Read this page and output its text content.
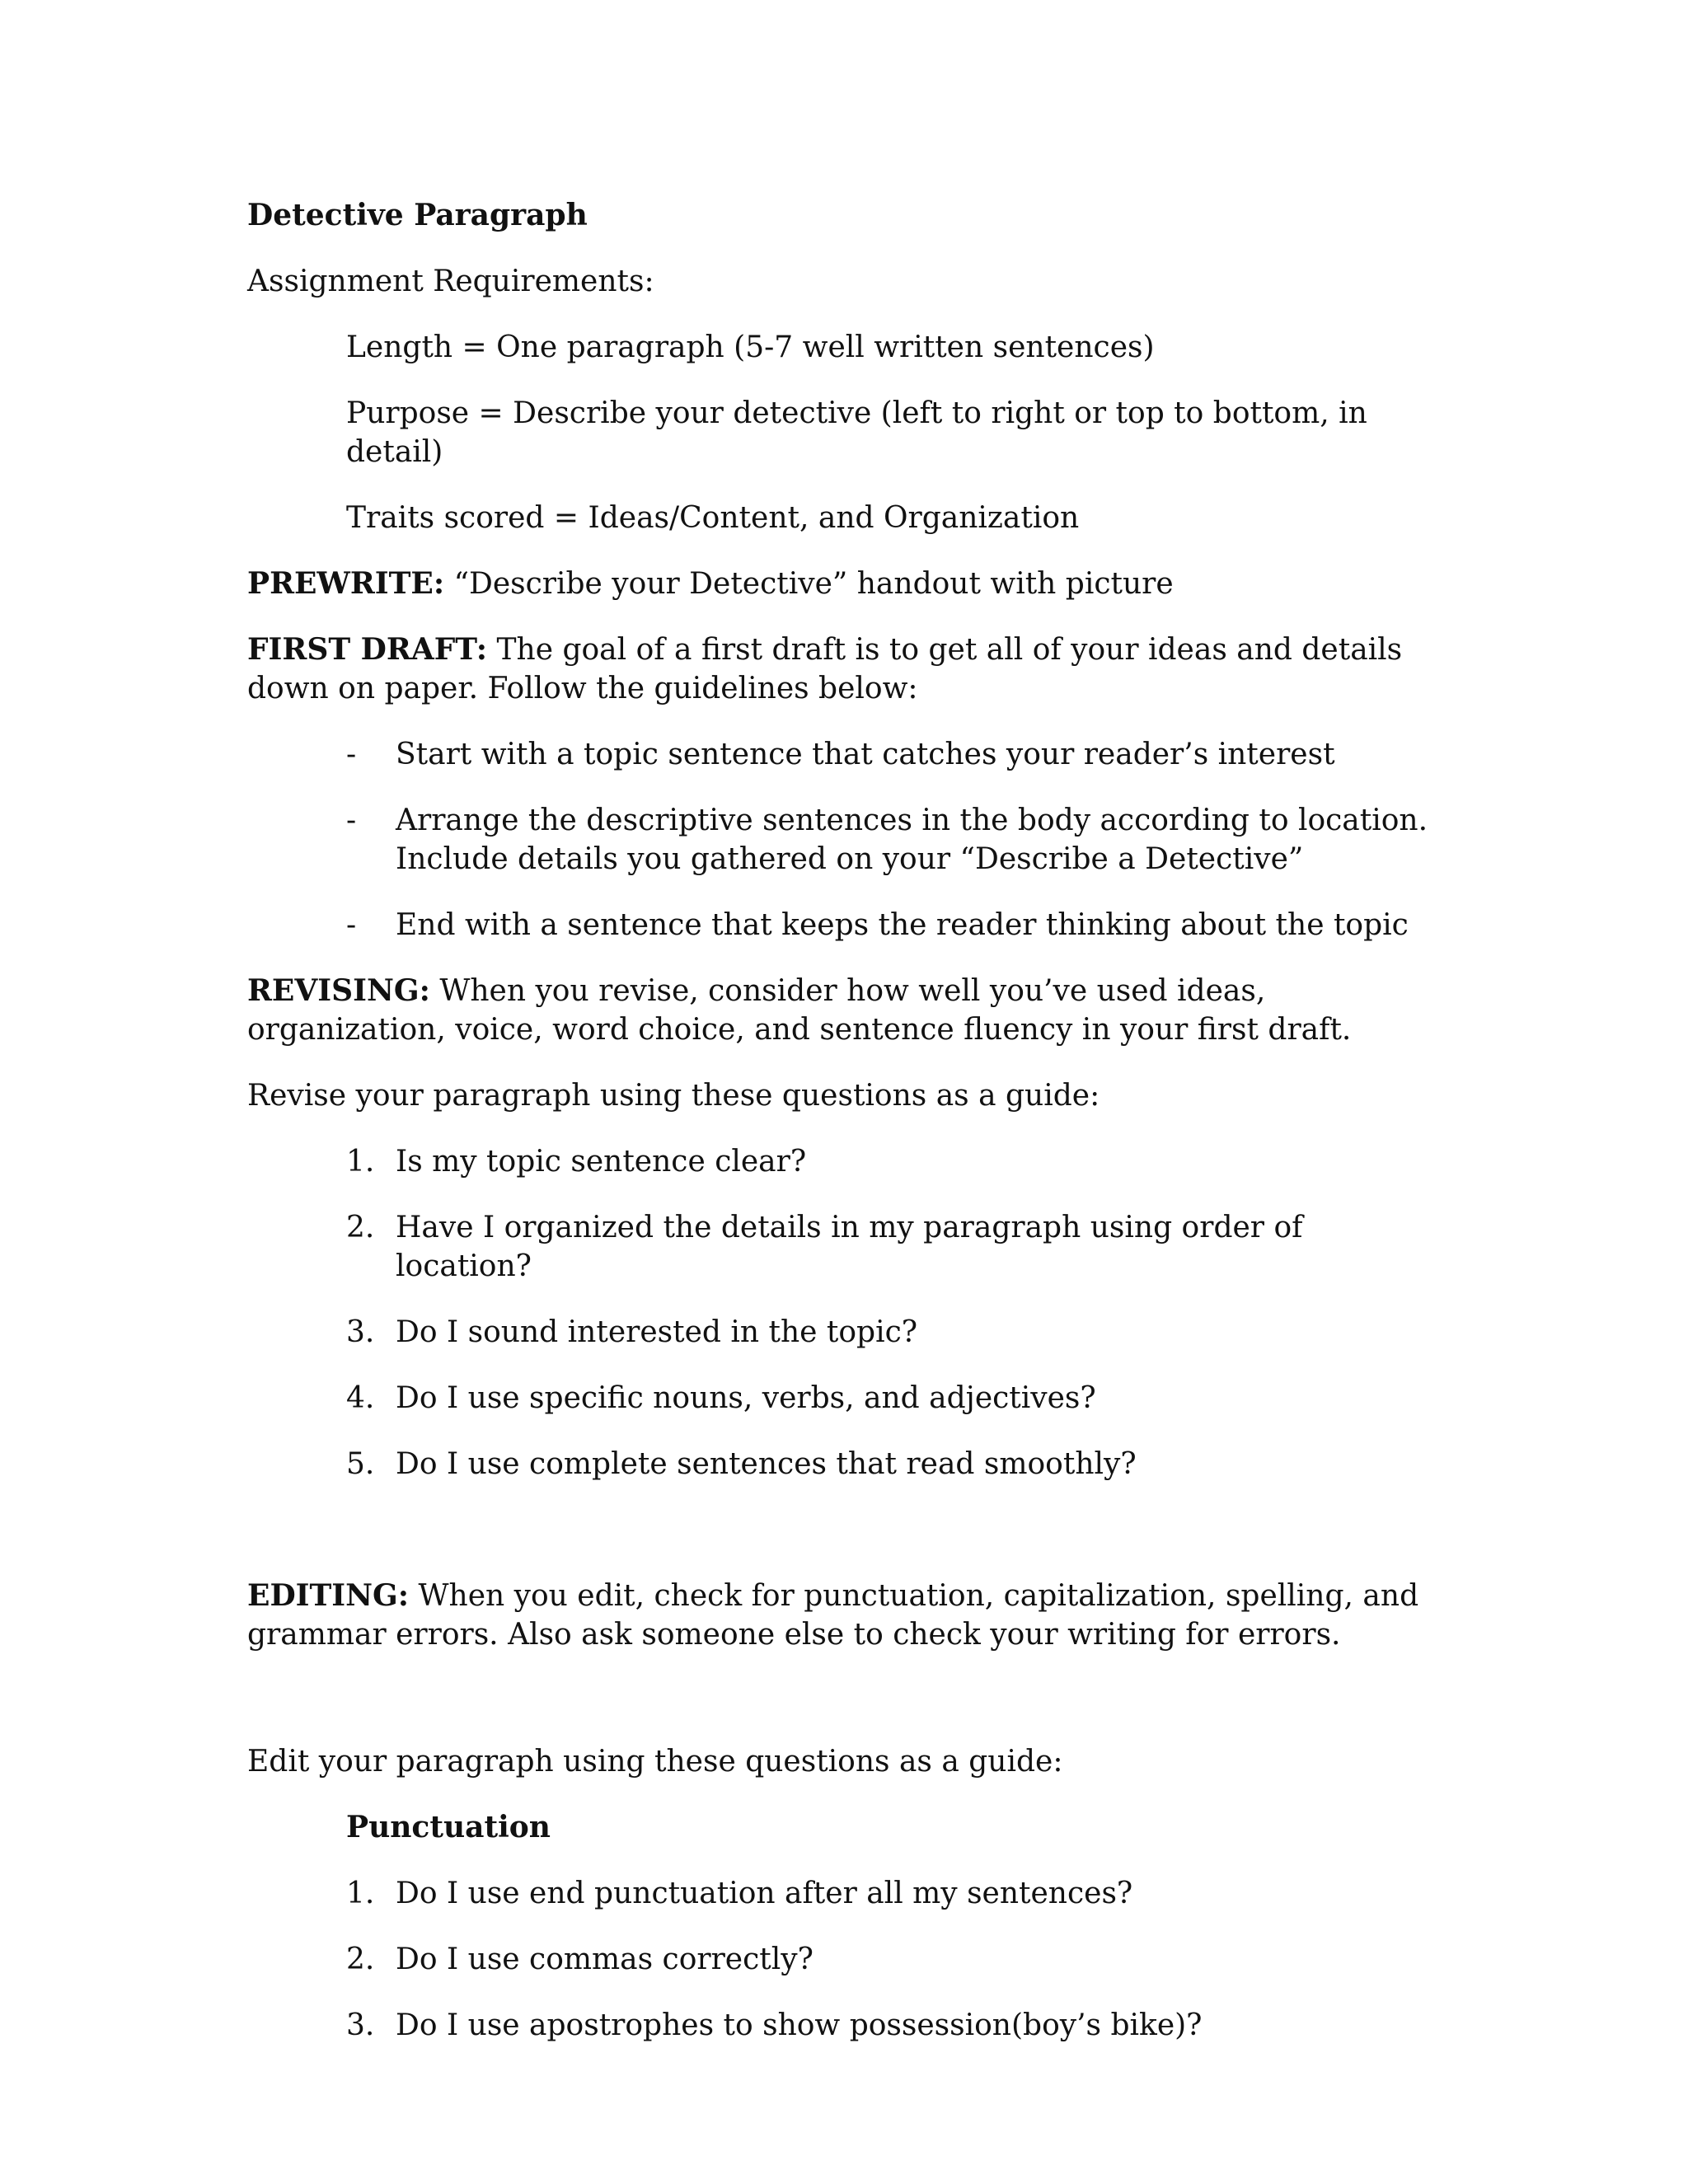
Detective Paragraph

Assignment Requirements:

Length = One paragraph (5-7 well written sentences)

Purpose = Describe your detective (left to right or top to bottom, in detail)

Traits scored = Ideas/Content, and Organization

PREWRITE: “Describe your Detective” handout with picture

FIRST DRAFT: The goal of a first draft is to get all of your ideas and details down on paper. Follow the guidelines below:

-	Start with a topic sentence that catches your reader’s interest
-	Arrange the descriptive sentences in the body according to location. Include details you gathered on your “Describe a Detective”
-	End with a sentence that keeps the reader thinking about the topic

REVISING: When you revise, consider how well you’ve used ideas, organization, voice, word choice, and sentence fluency in your first draft.

Revise your paragraph using these questions as a guide:

1. Is my topic sentence clear?
2. Have I organized the details in my paragraph using order of location?
3. Do I sound interested in the topic?
4. Do I use specific nouns, verbs, and adjectives?
5. Do I use complete sentences that read smoothly?

EDITING: When you edit, check for punctuation, capitalization, spelling, and grammar errors. Also ask someone else to check your writing for errors.

Edit your paragraph using these questions as a guide:

Punctuation

1. Do I use end punctuation after all my sentences?
2. Do I use commas correctly?
3. Do I use apostrophes to show possession(boy’s bike)?
